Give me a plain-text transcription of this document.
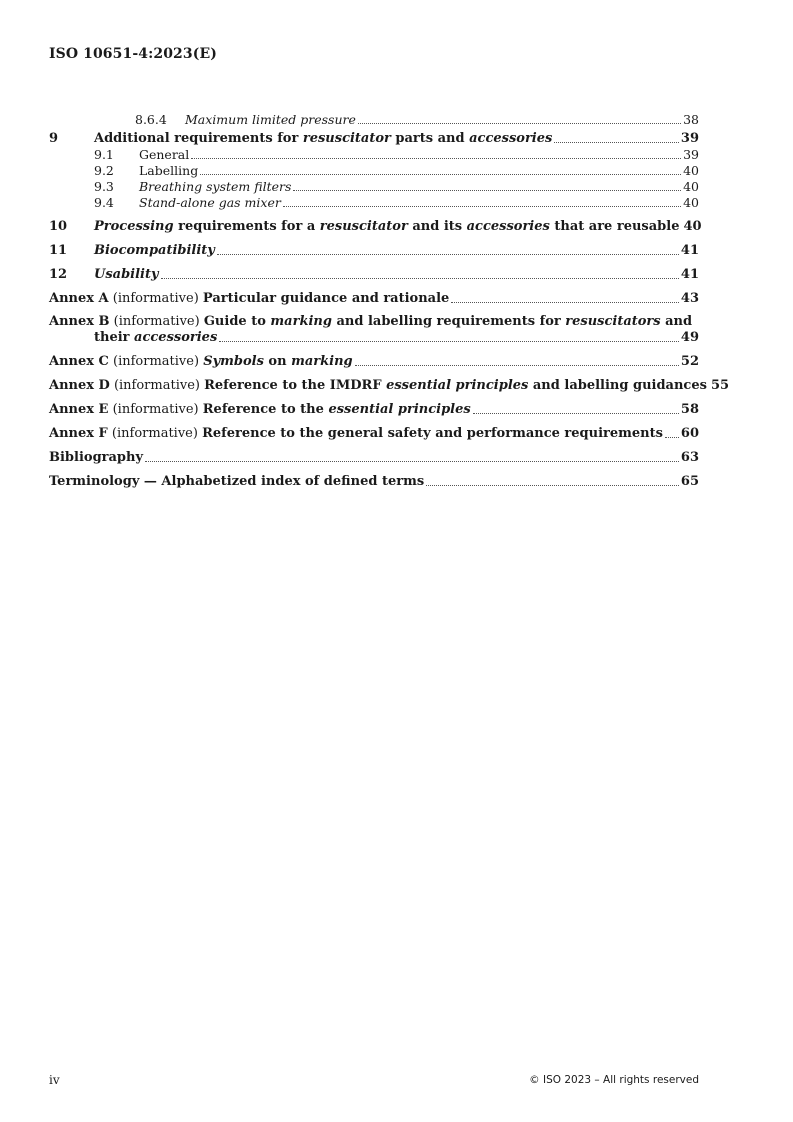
ISO 10651-4:2023(E)
8.6.4	Maximum limited pressure	38
9	Additional requirements for resuscitator parts and accessories	39
9.1	General	39
9.2	Labelling	40
9.3	Breathing system filters	40
9.4	Stand-alone gas mixer	40
10	Processing requirements for a resuscitator and its accessories that are reusable 40
11	Biocompatibility	41
12	Usability	41
Annex A (informative) Particular guidance and rationale	43
Annex B (informative) Guide to marking and labelling requirements for resuscitators and
their accessories	49
Annex C (informative) Symbols on marking	52
Annex D (informative) Reference to the IMDRF essential principles and labelling guidances 55
Annex E (informative) Reference to the essential principles	58
Annex F (informative) Reference to the general safety and performance requirements 60
Bibliography	63
Terminology — Alphabetized index of defined terms	65
iv	© ISO 2023 – All rights reserved
